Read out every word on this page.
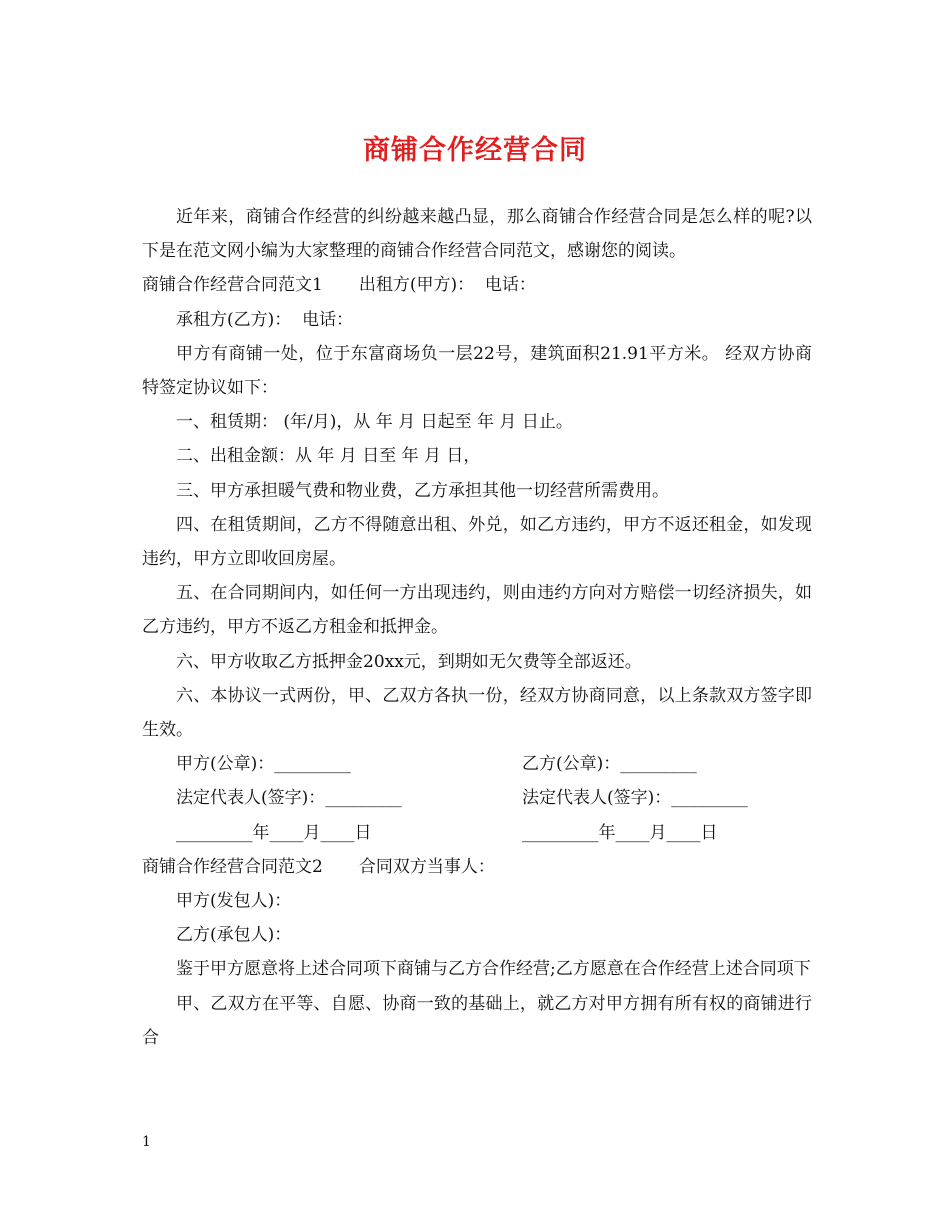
商铺合作经营合同

近年来，商铺合作经营的纠纷越来越凸显，那么商铺合作经营合同是怎么样的呢?以下是在范文网小编为大家整理的商铺合作经营合同范文，感谢您的阅读。

商铺合作经营合同范文1 出租方(甲方)： 电话：

承租方(乙方)： 电话：

甲方有商铺一处，位于东富商场负一层22号，建筑面积21.91平方米。 经双方协商特签定协议如下：

一、租赁期： (年/月)，从 年 月 日起至 年 月 日止。

二、出租金额：从 年 月 日至 年 月 日，

三、甲方承担暖气费和物业费，乙方承担其他一切经营所需费用。

四、在租赁期间，乙方不得随意出租、外兑，如乙方违约，甲方不返还租金，如发现违约，甲方立即收回房屋。

五、在合同期间内，如任何一方出现违约，则由违约方向对方赔偿一切经济损失，如乙方违约，甲方不返乙方租金和抵押金。

六、甲方收取乙方抵押金20xx元，到期如无欠费等全部返还。

六、本协议一式两份，甲、乙双方各执一份，经双方协商同意，以上条款双方签字即生效。

甲方(公章)：_________	乙方(公章)：_________
法定代表人(签字)：_________	法定代表人(签字)：_________
_________年____月____日	_________年____月____日

商铺合作经营合同范文2 合同双方当事人：

甲方(发包人)：

乙方(承包人)：

鉴于甲方愿意将上述合同项下商铺与乙方合作经营;乙方愿意在合作经营上述合同项下

甲、乙双方在平等、自愿、协商一致的基础上，就乙方对甲方拥有所有权的商铺进行合

1
